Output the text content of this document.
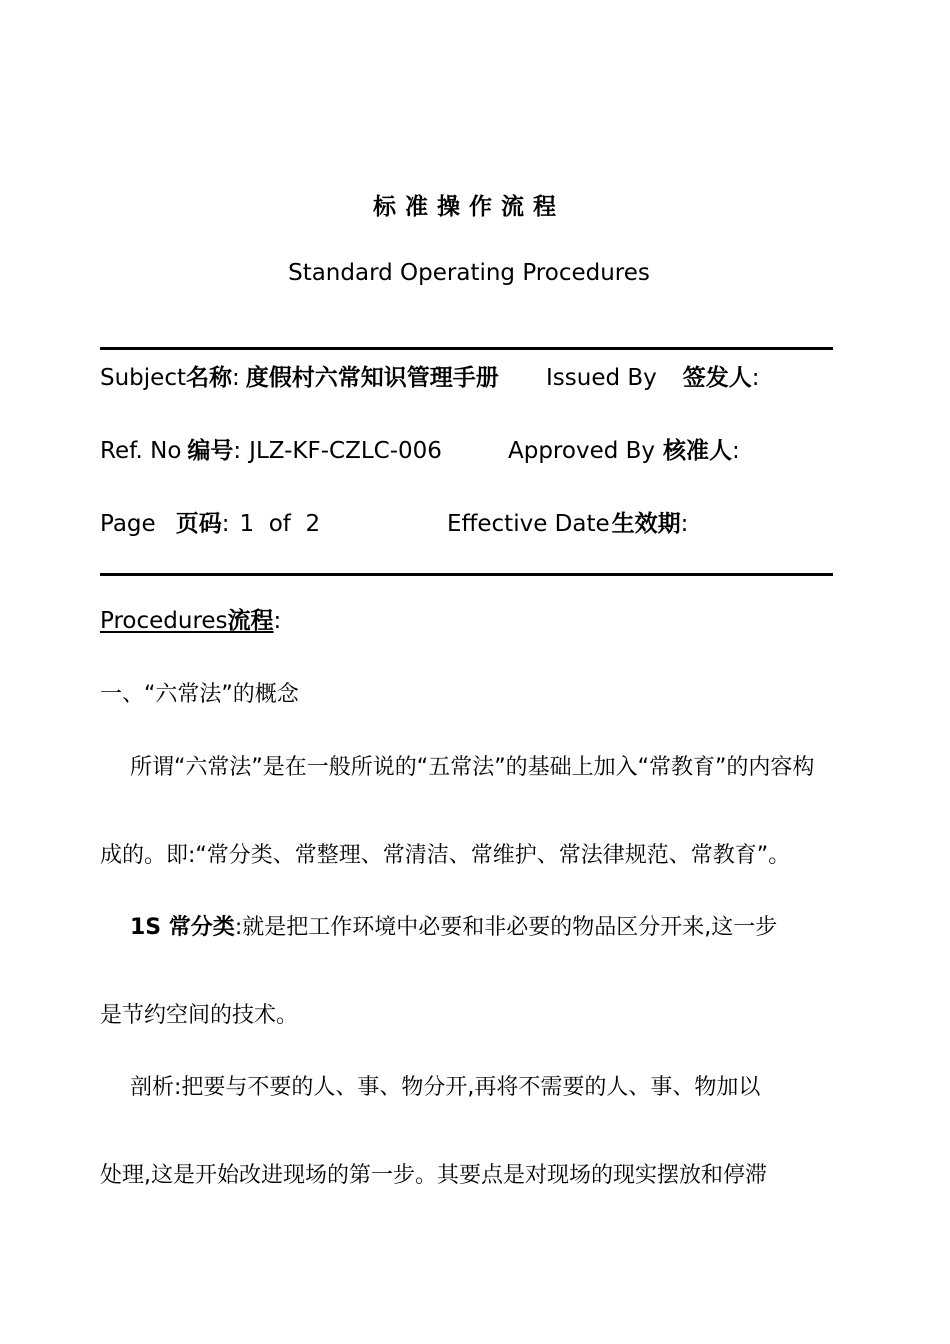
标准操作流程
Standard Operating Procedures
Subject名称: 度假村六常知识管理手册 Issued By 签发人:
Ref. No 编号: JLZ-KF-CZLC-006	Approved By 核准人:
Page 页码: 1  of  2	Effective Date生效期:
Procedures流程:
一、“六常法”的概念
所谓“六常法”是在一般所说的“五常法”的基础上加入“常教育”的内容构
成的。即:“常分类、常整理、常清洁、常维护、常法律规范、常教育”。
1S 常分类:就是把工作环境中必要和非必要的物品区分开来,这一步
是节约空间的技术。
剖析:把要与不要的人、事、物分开,再将不需要的人、事、物加以
处理,这是开始改进现场的第一步。其要点是对现场的现实摆放和停滞
